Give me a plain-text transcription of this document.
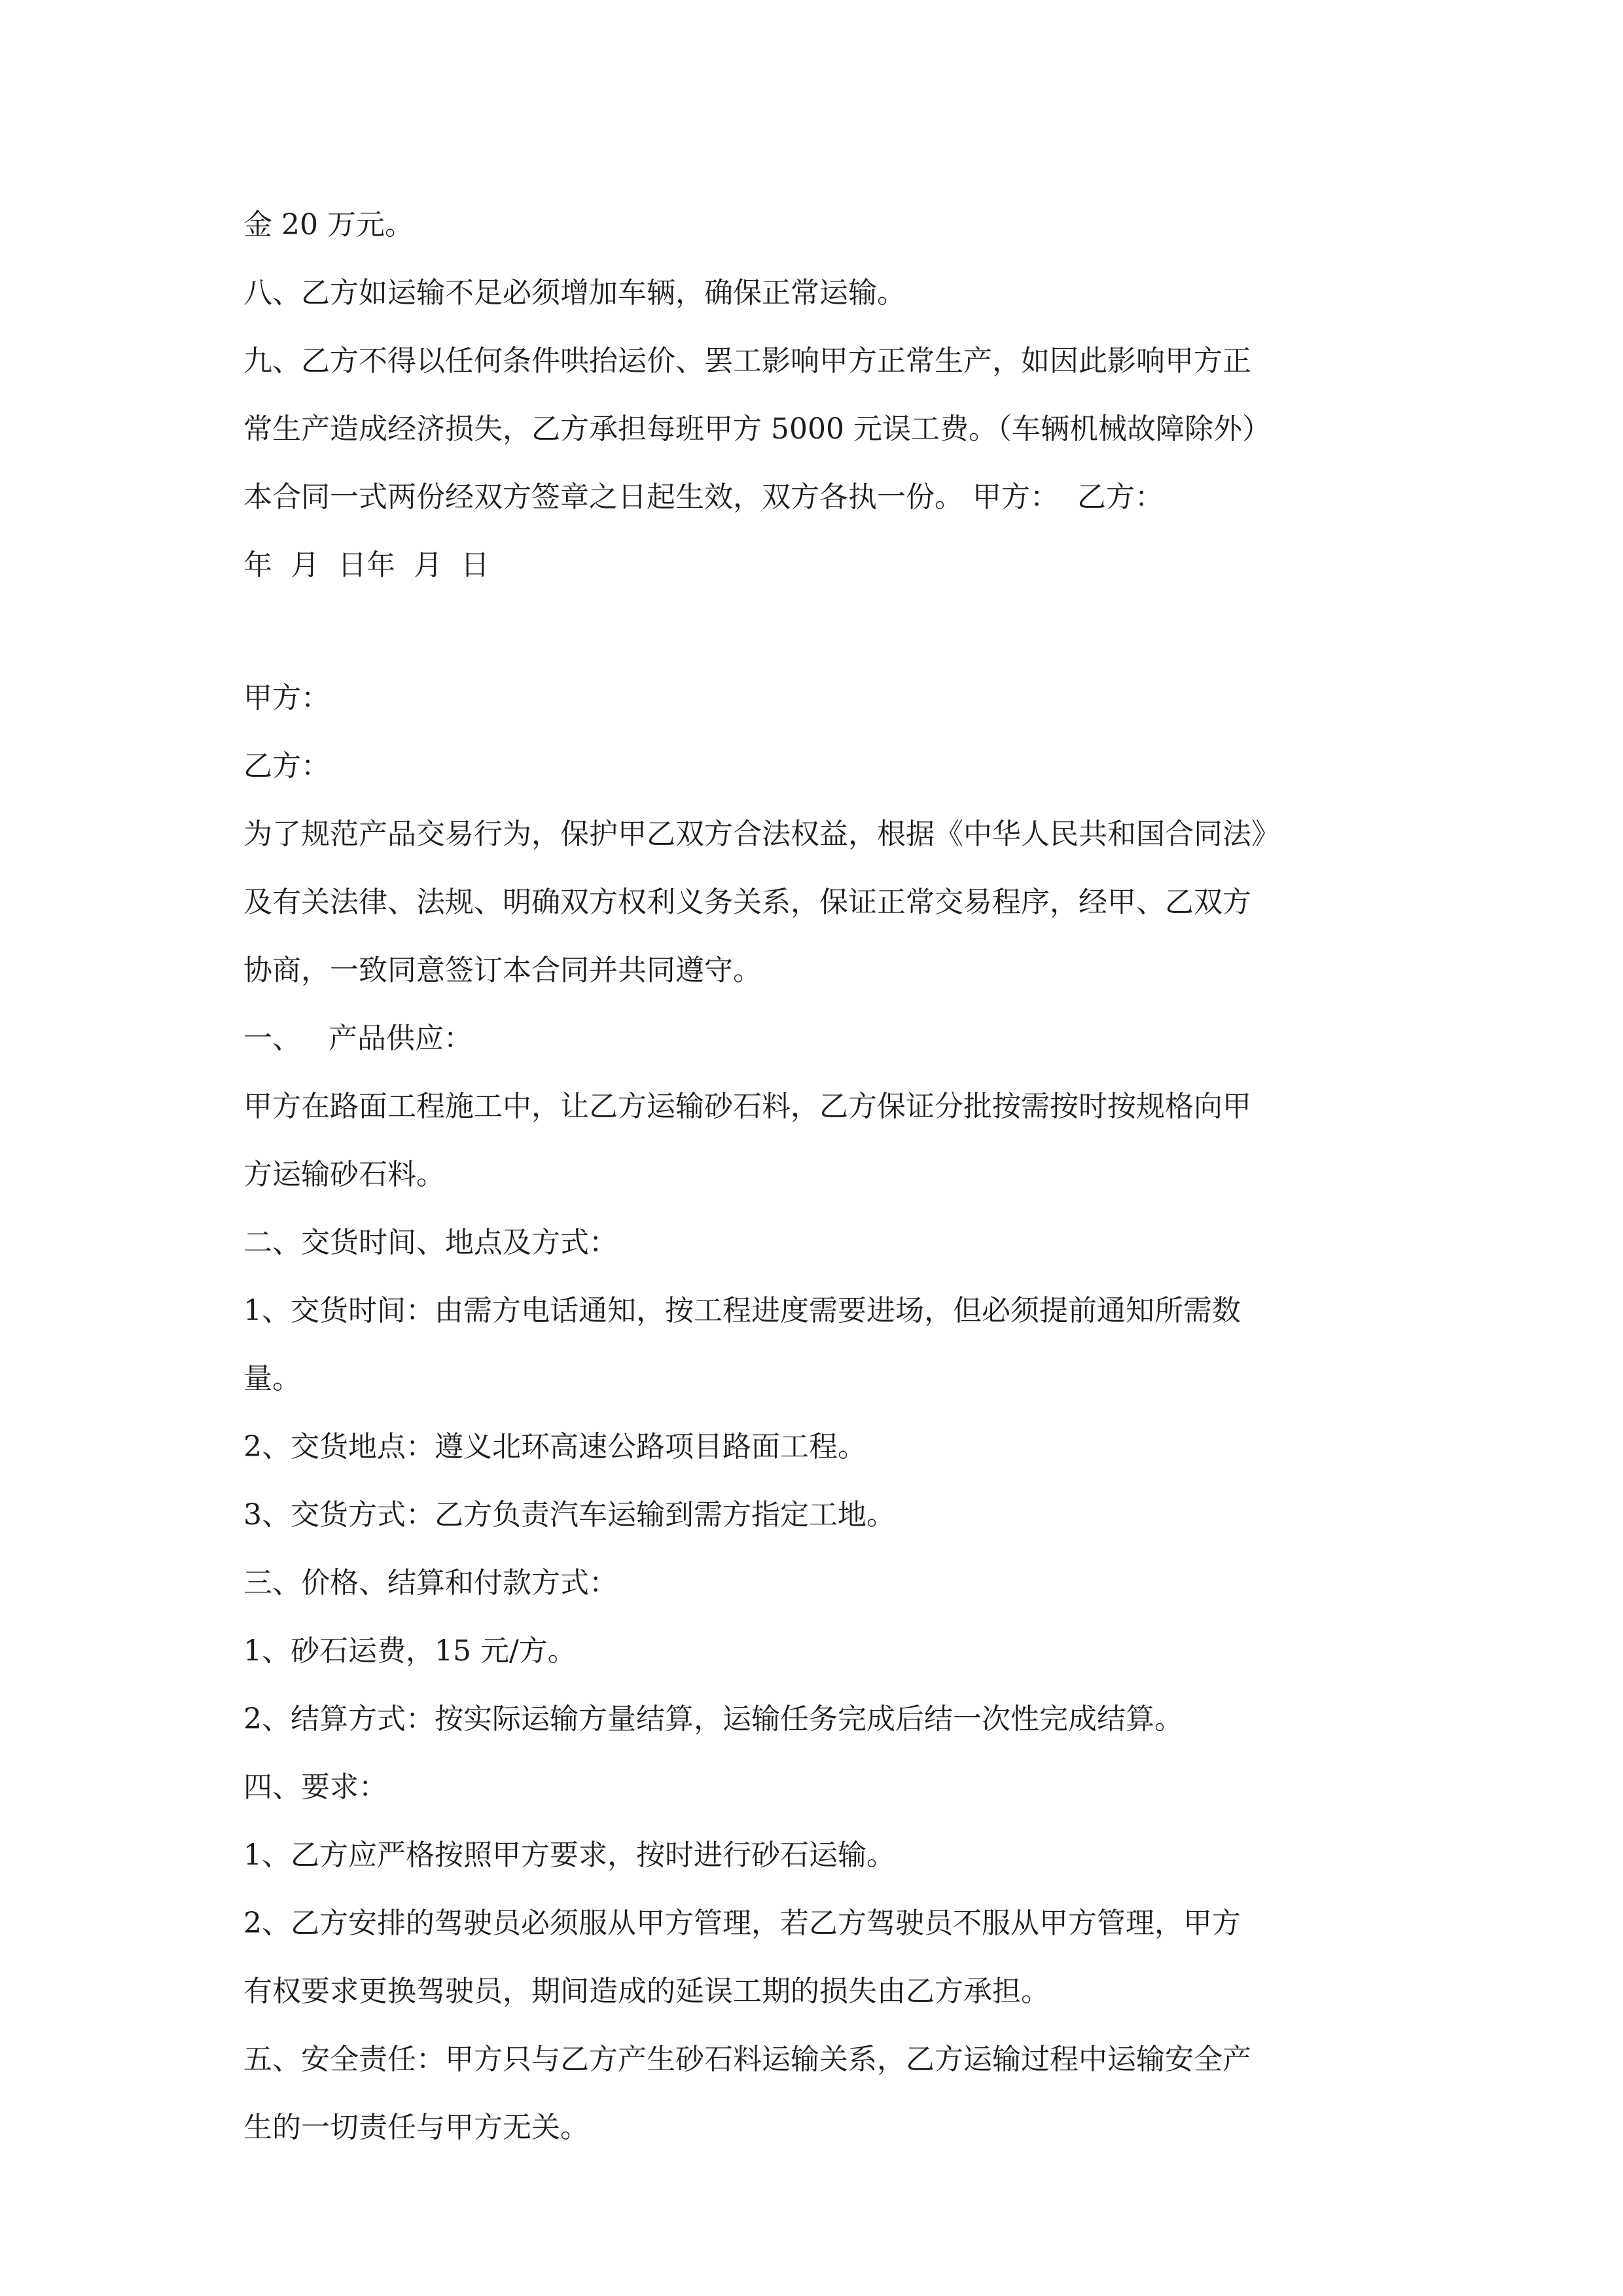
金 20 万元。
八、乙方如运输不足必须增加车辆，确保正常运输。
九、乙方不得以任何条件哄抬运价、罢工影响甲方正常生产，如因此影响甲方正
常生产造成经济损失，乙方承担每班甲方 5000 元误工费。（车辆机械故障除外）
本合同一式两份经双方签章之日起生效，双方各执一份。 甲方：  乙方：
年  月  日年  月  日
甲方：
乙方：
为了规范产品交易行为，保护甲乙双方合法权益，根据《中华人民共和国合同法》
及有关法律、法规、明确双方权利义务关系，保证正常交易程序，经甲、乙双方
协商，一致同意签订本合同并共同遵守。
一、   产品供应：
甲方在路面工程施工中，让乙方运输砂石料，乙方保证分批按需按时按规格向甲
方运输砂石料。
二、交货时间、地点及方式：
1、交货时间：由需方电话通知，按工程进度需要进场，但必须提前通知所需数
量。
2、交货地点：遵义北环高速公路项目路面工程。
3、交货方式：乙方负责汽车运输到需方指定工地。
三、价格、结算和付款方式：
1、砂石运费，15 元/方。
2、结算方式：按实际运输方量结算，运输任务完成后结一次性完成结算。
四、要求：
1、乙方应严格按照甲方要求，按时进行砂石运输。
2、乙方安排的驾驶员必须服从甲方管理，若乙方驾驶员不服从甲方管理，甲方
有权要求更换驾驶员，期间造成的延误工期的损失由乙方承担。
五、安全责任：甲方只与乙方产生砂石料运输关系，乙方运输过程中运输安全产
生的一切责任与甲方无关。
